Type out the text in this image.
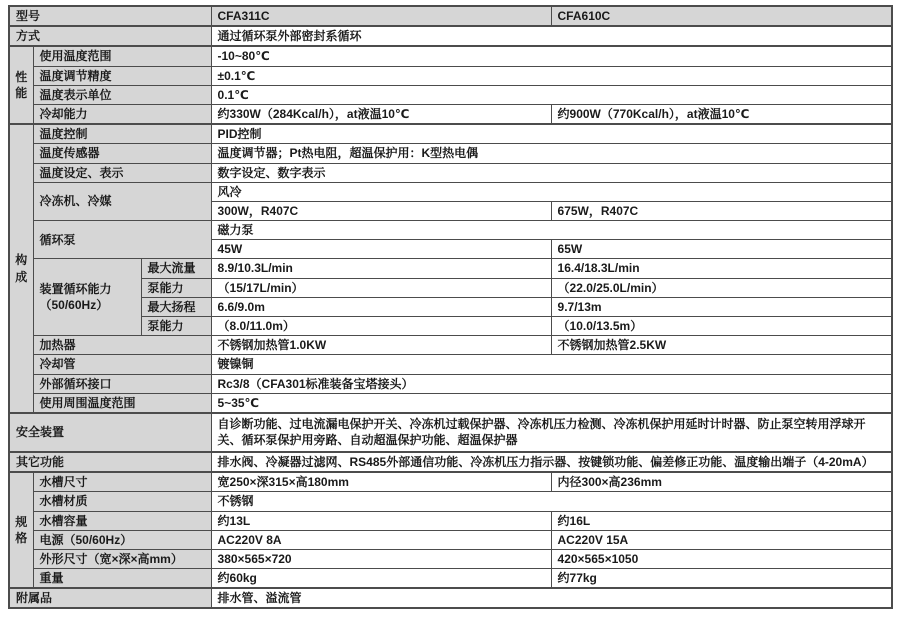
型号			CFA311C	CFA610C
方式			通过循环泵外部密封系循环	
性能	使用温度范围		-10~80℃	
	温度调节精度		±0.1℃	
	温度表示单位		0.1℃	
	冷却能力		约330W（284Kcal/h），at液温10℃	约900W（770Kcal/h），at液温10℃
构成	温度控制		PID控制	
	温度传感器		温度调节器；Pt热电阻，超温保护用：K型热电偶	
	温度设定、表示		数字设定、数字表示	
	冷冻机、冷媒		风冷	
			300W，R407C	675W，R407C
	循环泵		磁力泵	
			45W	65W
	装置循环能力（50/60Hz）	最大流量	8.9/10.3L/min	16.4/18.3L/min
		泵能力	（15/17L/min）	（22.0/25.0L/min）
		最大扬程	6.6/9.0m	9.7/13m
		泵能力	（8.0/11.0m）	（10.0/13.5m）
	加热器		不锈钢加热管1.0KW	不锈钢加热管2.5KW
	冷却管		镀镍铜	
	外部循环接口		Rc3/8（CFA301标准装备宝塔接头）	
	使用周围温度范围		5~35℃	
安全装置			自诊断功能、过电流漏电保护开关、冷冻机过载保护器、冷冻机压力检测、冷冻机保护用延时计时器、防止泵空转用浮球开关、循环泵保护用旁路、自动超温保护功能、超温保护器	
其它功能			排水阀、冷凝器过滤网、RS485外部通信功能、冷冻机压力指示器、按键锁功能、偏差修正功能、温度输出端子（4-20mA）	
规格	水槽尺寸		宽250×深315×高180mm	内径300×高236mm
	水槽材质		不锈钢	
	水槽容量		约13L	约16L
	电源（50/60Hz）		AC220V 8A	AC220V 15A
	外形尺寸（宽×深×高mm）		380×565×720	420×565×1050
	重量		约60kg	约77kg
附属品			排水管、溢流管	
